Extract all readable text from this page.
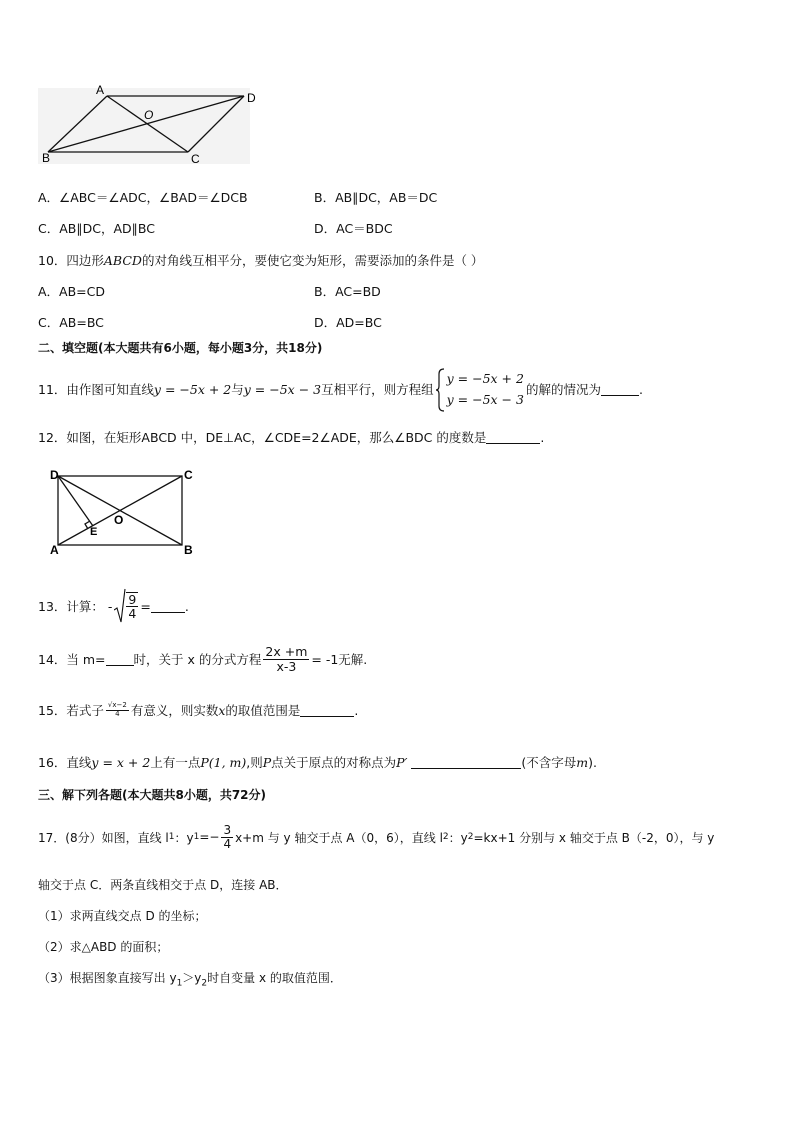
A
D
B	C
O
A．∠ABC＝∠ADC，∠BAD＝∠DCB	B．AB∥DC，AB＝DC
C．AB∥DC，AD∥BC	D．AC＝BDC
10．四边形ABCD的对角线互相平分，要使它变为矩形，需要添加的条件是（ ）
A．AB=CD	B．AC=BD
C．AB=BC	D．AD=BC
二、填空题(本大题共有6小题，每小题3分，共18分)
11．由作图可知直线 y = −5x + 2 与 y = −5x − 3 互相平行，则方程组
y = −5x + 2
y = −5x − 3
的解的情况为	.
12．如图，在矩形ABCD 中，DE⊥AC，∠CDE=2∠ADE，那么∠BDC 的度数是	.
D	C
A	B
E
O
13．计算： - $\frac{9}{4}$ =	.
14．当 m= 时，关于 x 的分式方程 $\frac{2x +m}{x-3} = -1$无解.
15．若式子 $\frac{√x-2}{4}$ 有意义，则实数 x 的取值范围是	.
16．直线y = x + 2上有一点P(1, m),则P点关于原点的对称点为P′	(不含字母m).
三、解下列各题(本大题共8小题，共72分)
17．(8分）如图，直线 l 1 ：y $1 =- \frac{3}{4} x+m$ 与 y 轴交于点 A（0，6），直线 l 2 ：y 2 =kx+1 分别与 x 轴交于点 B（-2，0），与 y
轴交于点 C．两条直线相交于点 D，连接 AB．
（1）求两直线交点 D 的坐标；
（2）求△ABD 的面积；
（3）根据图象直接写出 $y_1>y_2$时自变量 x 的取值范围．
